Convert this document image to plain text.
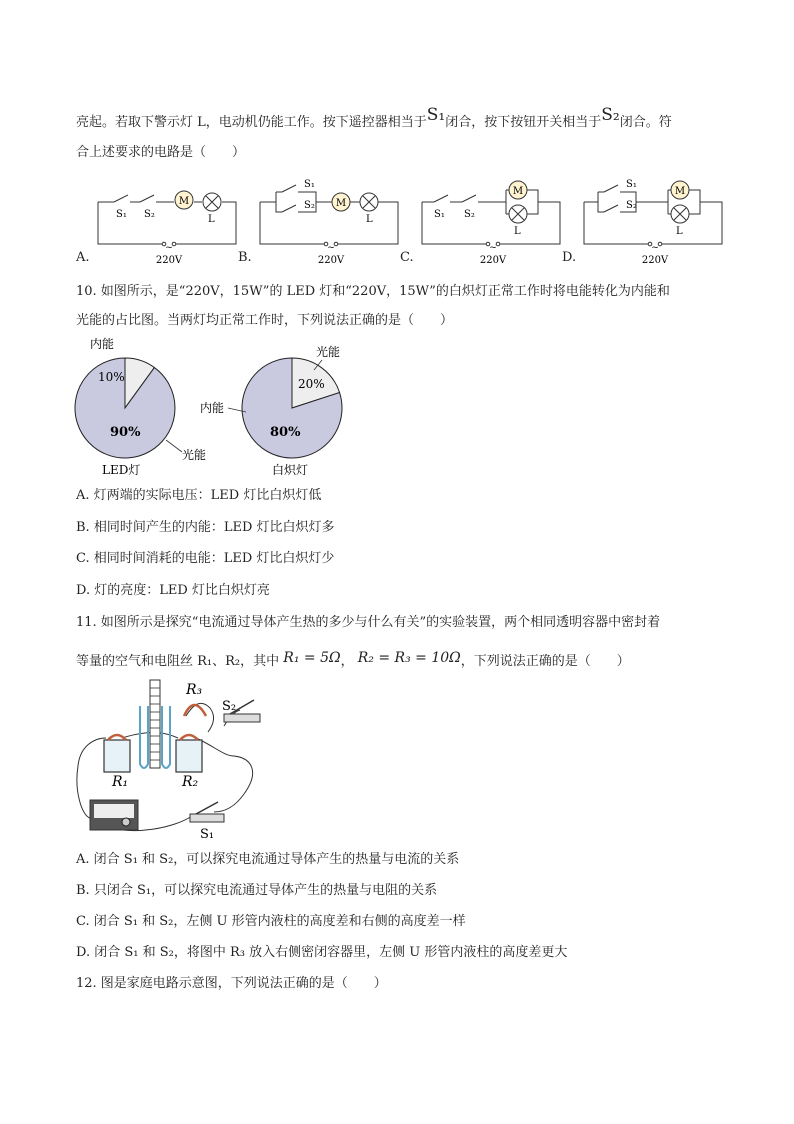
亮起。若取下警示灯 L，电动机仍能工作。按下遥控器相当于S₁闭合，按下按钮开关相当于S₂闭合。符
合上述要求的电路是（　　）
M
S₁ S₂	L
~
220V
A.
M
S₁
S₂
L
~
220V
B.
M
S₁ S₂
L
~
220V
C.
M
S₁
S₂
L
~
220V
D.
10. 如图所示，是“220V，15W”的 LED 灯和“220V，15W”的白炽灯正常工作时将电能转化为内能和
光能的占比图。当两灯均正常工作时，下列说法正确的是（　　）
内能
10%
90%
光能
LED灯
光能
20%
内能
80%
白炽灯
A. 灯两端的实际电压：LED 灯比白炽灯低
B. 相同时间产生的内能：LED 灯比白炽灯多
C. 相同时间消耗的电能：LED 灯比白炽灯少
D. 灯的亮度：LED 灯比白炽灯亮
11. 如图所示是探究“电流通过导体产生热的多少与什么有关”的实验装置，两个相同透明容器中密封着
等量的空气和电阻丝 R₁、R₂，其中 R₁ = 5Ω， R₂ = R₃ = 10Ω，下列说法正确的是（　　）
R₁	R₂
R₃
S₂
S₁
A. 闭合 S₁ 和 S₂，可以探究电流通过导体产生的热量与电流的关系
B. 只闭合 S₁，可以探究电流通过导体产生的热量与电阻的关系
C. 闭合 S₁ 和 S₂，左侧 U 形管内液柱的高度差和右侧的高度差一样
D. 闭合 S₁ 和 S₂，将图中 R₃ 放入右侧密闭容器里，左侧 U 形管内液柱的高度差更大
12. 图是家庭电路示意图，下列说法正确的是（　　）
